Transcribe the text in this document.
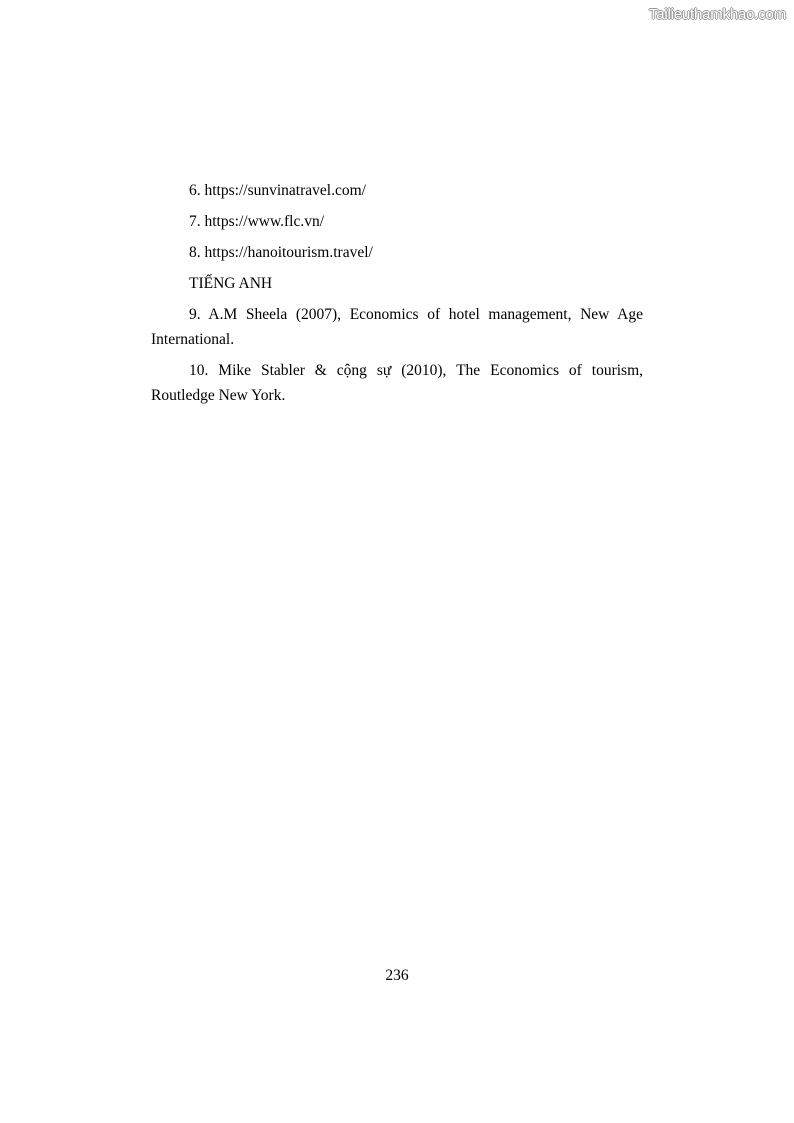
Tailieuthamkhao.com

6. https://sunvinatravel.com/

7. https://www.flc.vn/

8. https://hanoitourism.travel/

TIẾNG ANH

9. A.M Sheela (2007), Economics of hotel management, New Age International.

10. Mike Stabler & cộng sự (2010), The Economics of tourism, Routledge New York.

236
